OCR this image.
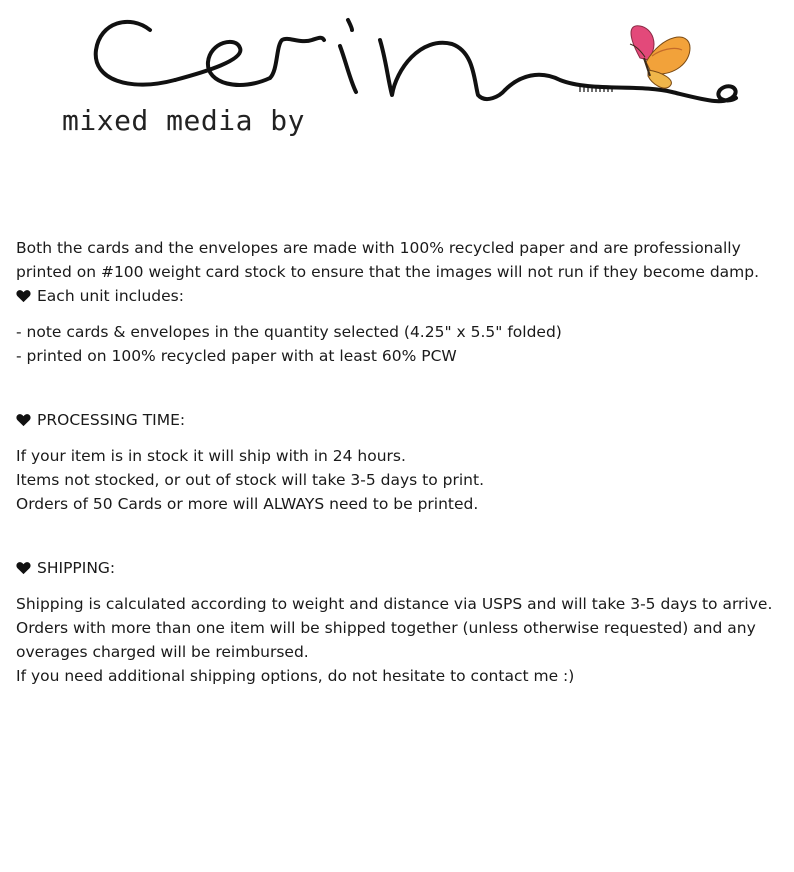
mixed media by

Both the cards and the envelopes are made with 100% recycled paper and are professionally printed on #100 weight card stock to ensure that the images will not run if they become damp.

Each unit includes:

- note cards & envelopes in the quantity selected (4.25" x 5.5" folded)

- printed on 100% recycled paper with at least 60% PCW

PROCESSING TIME:

If your item is in stock it will ship with in 24 hours.

Items not stocked, or out of stock will take 3-5 days to print.

Orders of 50 Cards or more will ALWAYS need to be printed.

SHIPPING:

Shipping is calculated according to weight and distance via USPS and will take 3-5 days to arrive.

Orders with more than one item will be shipped together (unless otherwise requested) and any overages charged will be reimbursed.

If you need additional shipping options, do not hesitate to contact me :)
